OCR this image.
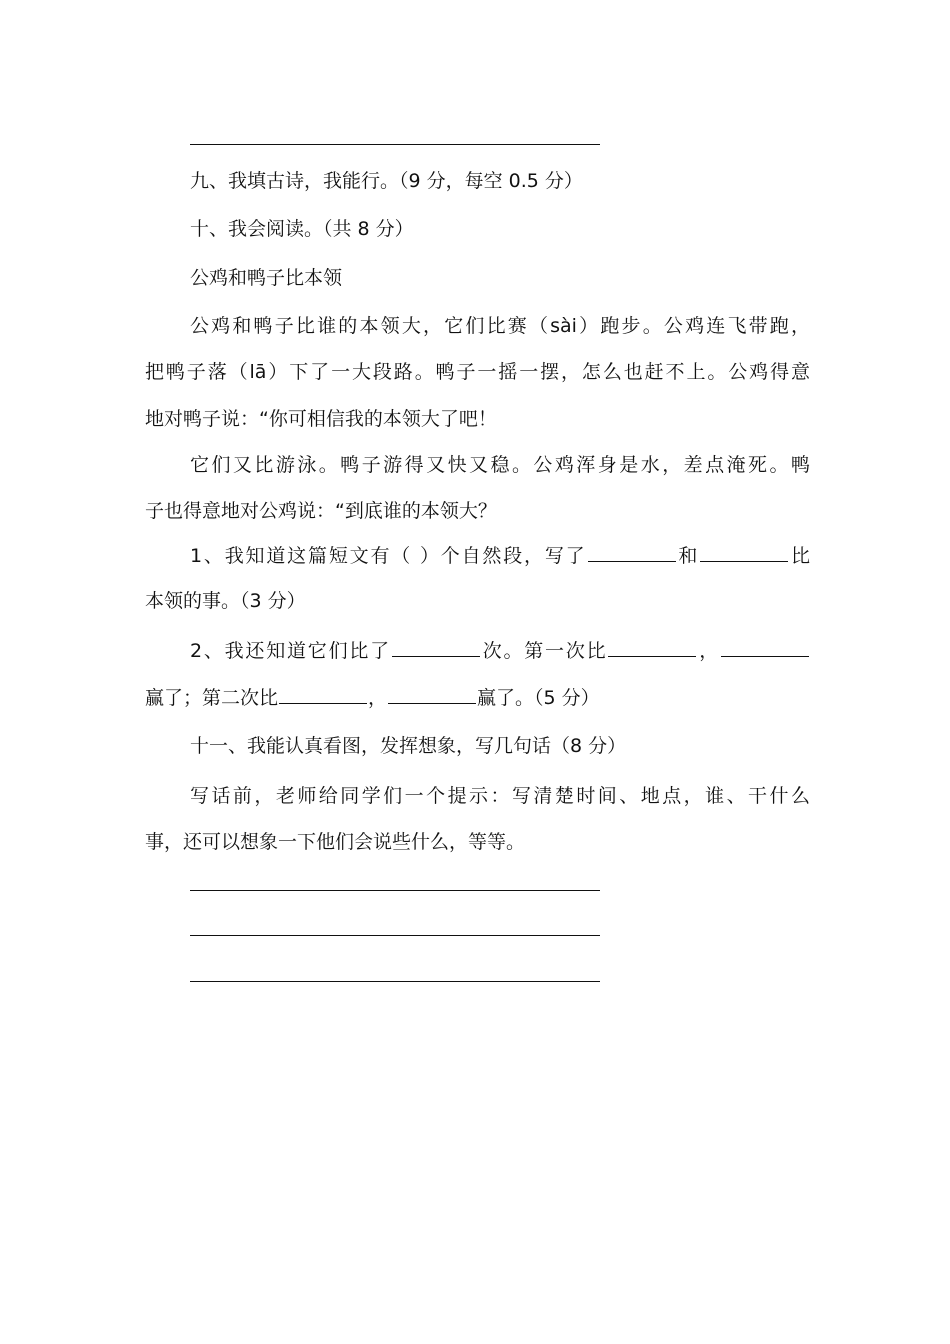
九、我填古诗，我能行。（9 分，每空 0.5 分）
十、我会阅读。（共 8 分）
公鸡和鸭子比本领
公鸡和鸭子比谁的本领大，它们比赛（sài）跑步。公鸡连飞带跑，
把鸭子落（lā）下了一大段路。鸭子一摇一摆，怎么也赶不上。公鸡得意
地对鸭子说：“你可相信我的本领大了吧！
它们又比游泳。鸭子游得又快又稳。公鸡浑身是水，差点淹死。鸭
子也得意地对公鸡说：“到底谁的本领大？
1、我知道这篇短文有（ ）个自然段，写了	和	比
本领的事。（3 分）
2、我还知道它们比了	次。第一次比	，
赢了；第二次比	，	赢了。（5 分）
十一、我能认真看图，发挥想象，写几句话（8 分）
写话前，老师给同学们一个提示：写清楚时间、地点，谁、干什么
事，还可以想象一下他们会说些什么，等等。
